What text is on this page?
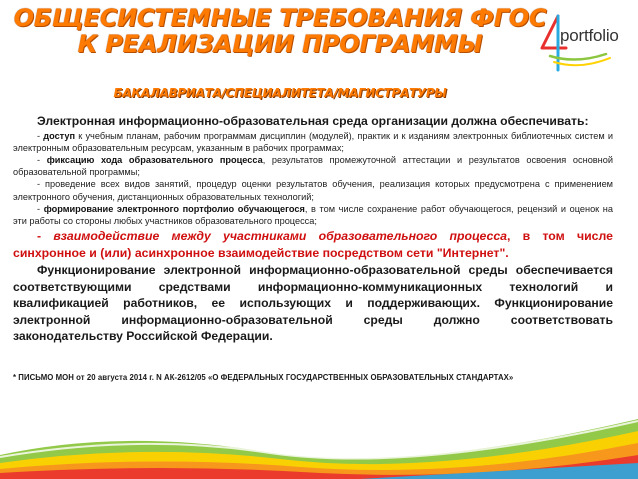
ОБЩЕСИСТЕМНЫЕ ТРЕБОВАНИЯ ФГОС
К РЕАЛИЗАЦИИ ПРОГРАММЫ
БАКАЛАВРИАТА/СПЕЦИАЛИТЕТА/МАГИСТРАТУРЫ
portfolio

Электронная информационно-образовательная среда организации должна обеспечивать:

- доступ к учебным планам, рабочим программам дисциплин (модулей), практик и к изданиям электронных библиотечных систем и электронным образовательным ресурсам, указанным в рабочих программах;

- фиксацию хода образовательного процесса, результатов промежуточной аттестации и результатов освоения основной образовательной программы;

- проведение всех видов занятий, процедур оценки результатов обучения, реализация которых предусмотрена с применением электронного обучения, дистанционных образовательных технологий;

- формирование электронного портфолио обучающегося, в том числе сохранение работ обучающегося, рецензий и оценок на эти работы со стороны любых участников образовательного процесса;

- взаимодействие между участниками образовательного процесса, в том числе синхронное и (или) асинхронное взаимодействие посредством сети "Интернет".

Функционирование электронной информационно-образовательной среды обеспечивается соответствующими средствами информационно-коммуникационных технологий и квалификацией работников, ее использующих и поддерживающих. Функционирование электронной информационно-образовательной среды должно соответствовать законодательству Российской Федерации.

* ПИСЬМО МОН от 20 августа 2014 г. N АК-2612/05 «О ФЕДЕРАЛЬНЫХ ГОСУДАРСТВЕННЫХ ОБРАЗОВАТЕЛЬНЫХ СТАНДАРТАХ»
